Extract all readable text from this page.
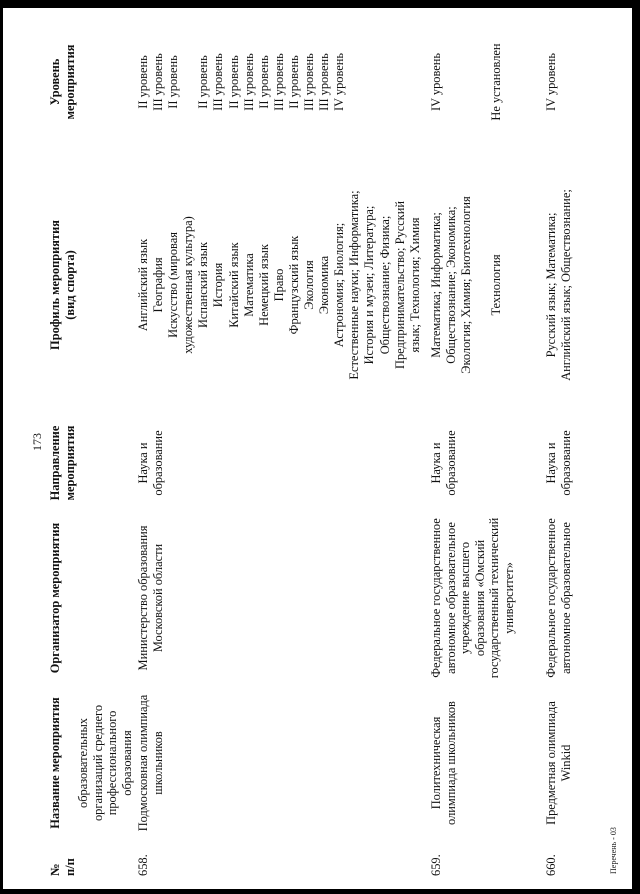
173
№ п/п
Название мероприятия
Организатор мероприятия
Направление мероприятия
Профиль мероприятия (вид спорта)
Уровень мероприятия
образовательных организаций среднего профессионального образования
658.
Подмосковная олимпиада школьников
Министерство образования Московской области
Наука и образование
Английский язык География Искусство (мировая художественная культура) Испанский язык История Китайский язык Математика Немецкий язык Право Французский язык Экология Экономика Астрономия; Биология; Естественные науки; Информатика; История и музеи; Литература; Обществознание; Физика; Предпринимательство; Русский язык; Технология; Химия
II уровень III уровень II уровень II уровень III уровень II уровень III уровень II уровень III уровень II уровень III уровень III уровень IV уровень
659.
Политехническая олимпиада школьников
Федеральное государственное автономное образовательное учреждение высшего образования «Омский государственный технический университет»
Наука и образование
Математика; Информатика; Обществознание; Экономика; Экология; Химия; Биотехнология Технология
IV уровень	Не установлен
660.
Предметная олимпиада Winkid
Федеральное государственное автономное образовательное
Наука и образование
Русский язык; Математика; Английский язык; Обществознание;
IV уровень
Перечень - 03
